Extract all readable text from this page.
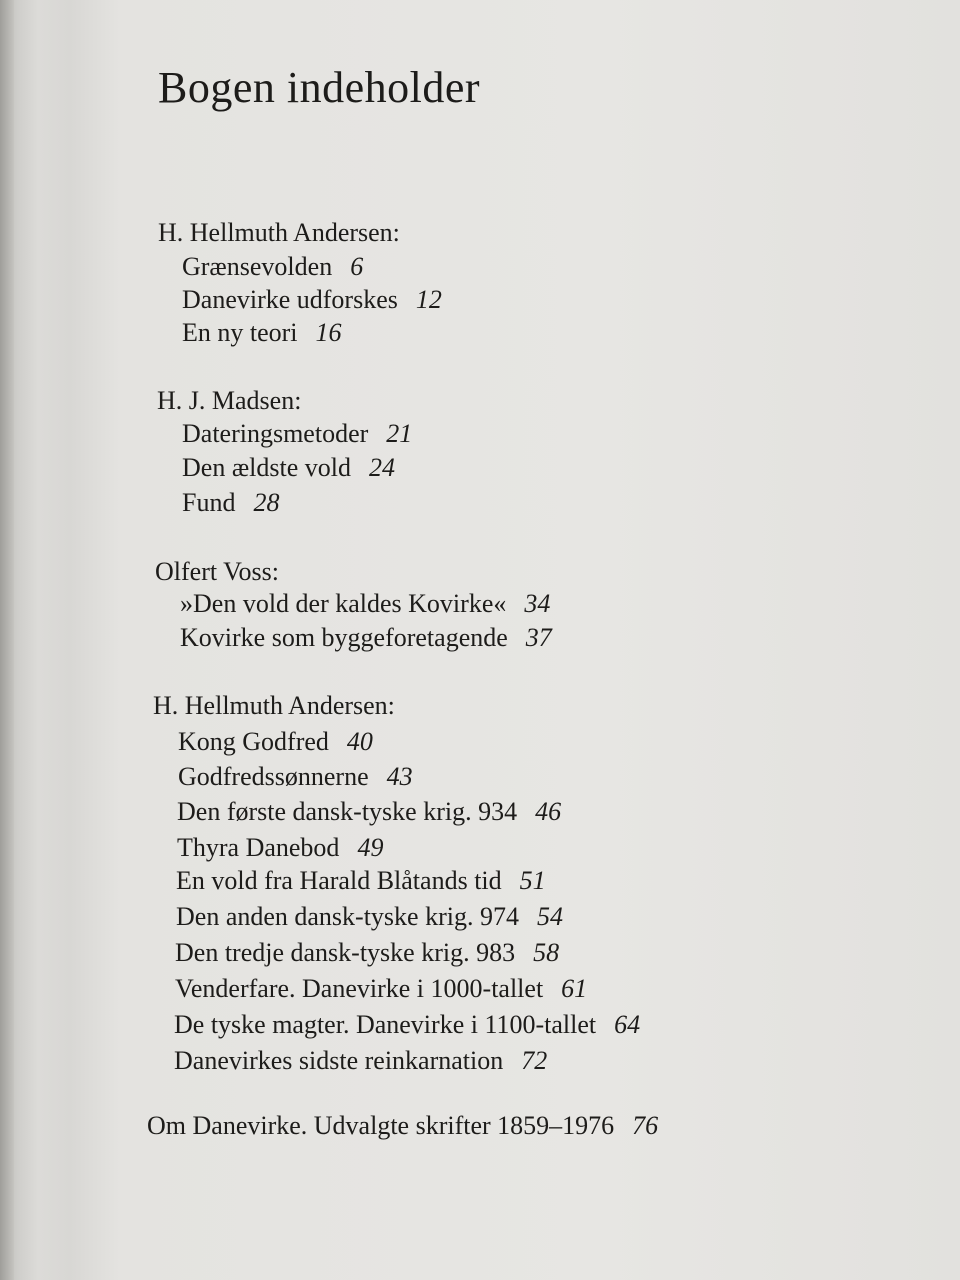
Bogen indeholder
H. Hellmuth Andersen:
Grænsevolden 6
Danevirke udforskes 12
En ny teori 16
H. J. Madsen:
Dateringsmetoder 21
Den ældste vold 24
Fund 28
Olfert Voss:
»Den vold der kaldes Kovirke« 34
Kovirke som byggeforetagende 37
H. Hellmuth Andersen:
Kong Godfred 40
Godfredssønnerne 43
Den første dansk-tyske krig. 934 46
Thyra Danebod 49
En vold fra Harald Blåtands tid 51
Den anden dansk-tyske krig. 974 54
Den tredje dansk-tyske krig. 983 58
Venderfare. Danevirke i 1000-tallet 61
De tyske magter. Danevirke i 1100-tallet 64
Danevirkes sidste reinkarnation 72
Om Danevirke. Udvalgte skrifter 1859–1976 76
